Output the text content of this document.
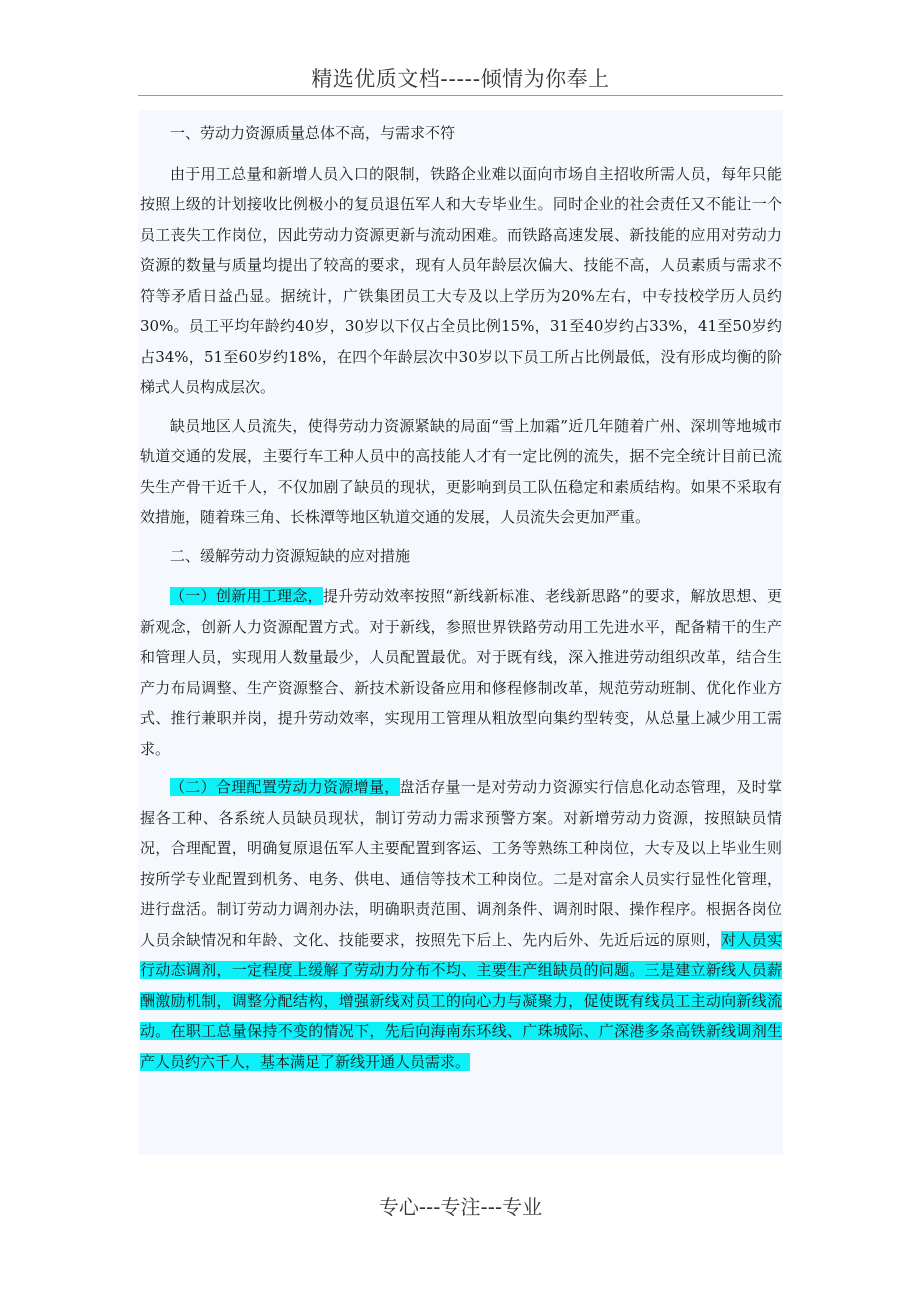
精选优质文档-----倾情为你奉上

一、劳动力资源质量总体不高，与需求不符

由于用工总量和新增人员入口的限制，铁路企业难以面向市场自主招收所需人员，每年只能按照上级的计划接收比例极小的复员退伍军人和大专毕业生。同时企业的社会责任又不能让一个员工丧失工作岗位，因此劳动力资源更新与流动困难。而铁路高速发展、新技能的应用对劳动力资源的数量与质量均提出了较高的要求，现有人员年龄层次偏大、技能不高，人员素质与需求不符等矛盾日益凸显。据统计，广铁集团员工大专及以上学历为20%左右，中专技校学历人员约30%。员工平均年龄约40岁，30岁以下仅占全员比例15%，31至40岁约占33%，41至50岁约占34%，51至60岁约18%，在四个年龄层次中30岁以下员工所占比例最低，没有形成均衡的阶梯式人员构成层次。

缺员地区人员流失，使得劳动力资源紧缺的局面“雪上加霜”近几年随着广州、深圳等地城市轨道交通的发展，主要行车工种人员中的高技能人才有一定比例的流失，据不完全统计目前已流失生产骨干近千人，不仅加剧了缺员的现状，更影响到员工队伍稳定和素质结构。如果不采取有效措施，随着珠三角、长株潭等地区轨道交通的发展，人员流失会更加严重。

二、缓解劳动力资源短缺的应对措施

（一）创新用工理念，提升劳动效率按照“新线新标准、老线新思路”的要求，解放思想、更新观念，创新人力资源配置方式。对于新线，参照世界铁路劳动用工先进水平，配备精干的生产和管理人员，实现用人数量最少，人员配置最优。对于既有线，深入推进劳动组织改革，结合生产力布局调整、生产资源整合、新技术新设备应用和修程修制改革，规范劳动班制、优化作业方式、推行兼职并岗，提升劳动效率，实现用工管理从粗放型向集约型转变，从总量上减少用工需求。

（二）合理配置劳动力资源增量，盘活存量一是对劳动力资源实行信息化动态管理，及时掌握各工种、各系统人员缺员现状，制订劳动力需求预警方案。对新增劳动力资源，按照缺员情况，合理配置，明确复原退伍军人主要配置到客运、工务等熟练工种岗位，大专及以上毕业生则按所学专业配置到机务、电务、供电、通信等技术工种岗位。二是对富余人员实行显性化管理，进行盘活。制订劳动力调剂办法，明确职责范围、调剂条件、调剂时限、操作程序。根据各岗位人员余缺情况和年龄、文化、技能要求，按照先下后上、先内后外、先近后远的原则，对人员实行动态调剂，一定程度上缓解了劳动力分布不均、主要生产组缺员的问题。三是建立新线人员薪酬激励机制，调整分配结构，增强新线对员工的向心力与凝聚力，促使既有线员工主动向新线流动。在职工总量保持不变的情况下，先后向海南东环线、广珠城际、广深港多条高铁新线调剂生产人员约六千人，基本满足了新线开通人员需求。

专心---专注---专业
